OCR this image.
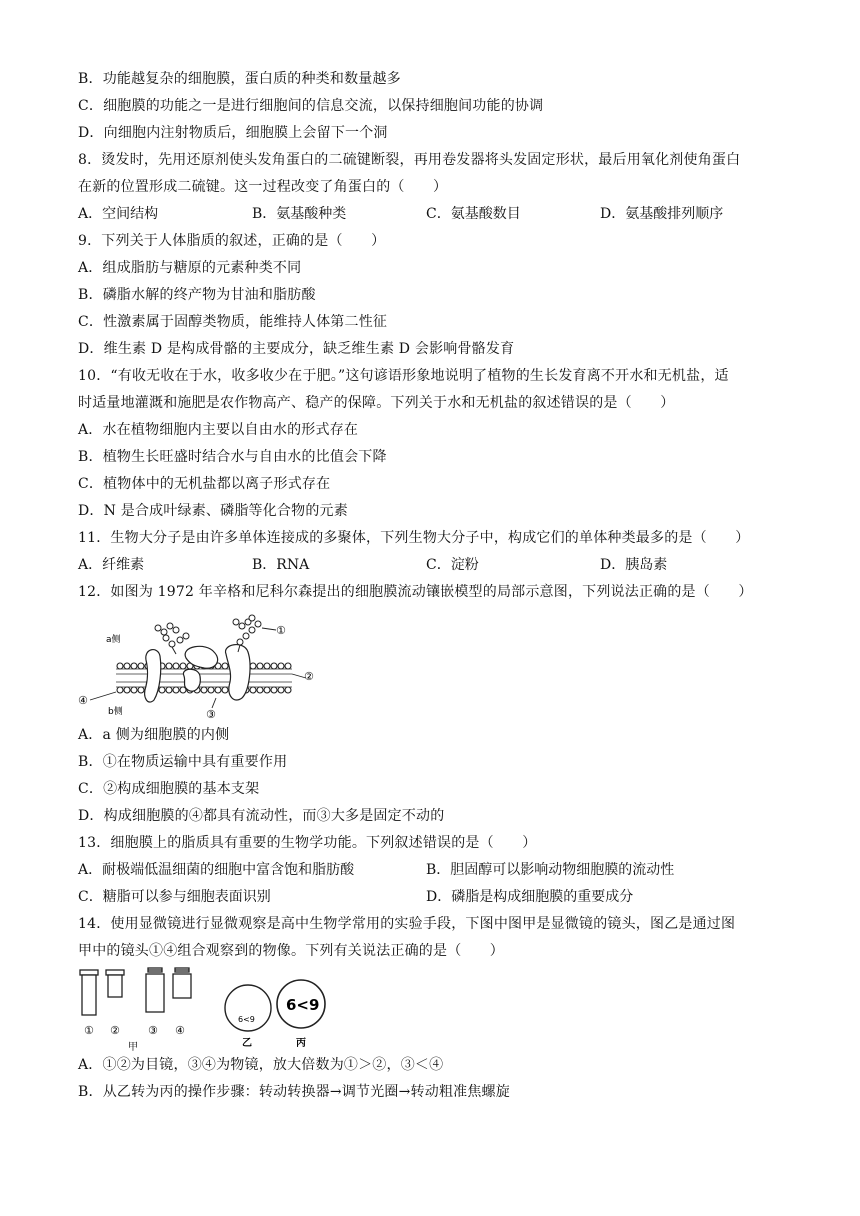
B．功能越复杂的细胞膜，蛋白质的种类和数量越多
C．细胞膜的功能之一是进行细胞间的信息交流，以保持细胞间功能的协调
D．向细胞内注射物质后，细胞膜上会留下一个洞
8．烫发时，先用还原剂使头发角蛋白的二硫键断裂，再用卷发器将头发固定形状，最后用氧化剂使角蛋白
在新的位置形成二硫键。这一过程改变了角蛋白的（　　）
A．空间结构	B．氨基酸种类	C．氨基酸数目	D．氨基酸排列顺序
9．下列关于人体脂质的叙述，正确的是（　　）
A．组成脂肪与糖原的元素种类不同
B．磷脂水解的终产物为甘油和脂肪酸
C．性激素属于固醇类物质，能维持人体第二性征
D．维生素 D 是构成骨骼的主要成分，缺乏维生素 D 会影响骨骼发育
10．“有收无收在于水，收多收少在于肥。”这句谚语形象地说明了植物的生长发育离不开水和无机盐，适
时适量地灌溉和施肥是农作物高产、稳产的保障。下列关于水和无机盐的叙述错误的是（　　）
A．水在植物细胞内主要以自由水的形式存在
B．植物生长旺盛时结合水与自由水的比值会下降
C．植物体中的无机盐都以离子形式存在
D．N 是合成叶绿素、磷脂等化合物的元素
11．生物大分子是由许多单体连接成的多聚体，下列生物大分子中，构成它们的单体种类最多的是（　　）
A．纤维素	B．RNA	C．淀粉	D．胰岛素
12．如图为 1972 年辛格和尼科尔森提出的细胞膜流动镶嵌模型的局部示意图，下列说法正确的是（　　）
a侧
b侧
①
②
③
④
A．a 侧为细胞膜的内侧
B．①在物质运输中具有重要作用
C．②构成细胞膜的基本支架
D．构成细胞膜的④都具有流动性，而③大多是固定不动的
13．细胞膜上的脂质具有重要的生物学功能。下列叙述错误的是（　　）
A．耐极端低温细菌的细胞中富含饱和脂肪酸	B．胆固醇可以影响动物细胞膜的流动性
C．糖脂可以参与细胞表面识别	D．磷脂是构成细胞膜的重要成分
14．使用显微镜进行显微观察是高中生物学常用的实验手段，下图中图甲是显微镜的镜头，图乙是通过图
甲中的镜头①④组合观察到的物像。下列有关说法正确的是（　　）
① ②	③ ④
甲
6<9
6<9
乙	丙
A．①②为目镜，③④为物镜，放大倍数为①＞②，③＜④
B．从乙转为丙的操作步骤：转动转换器→调节光圈→转动粗准焦螺旋
